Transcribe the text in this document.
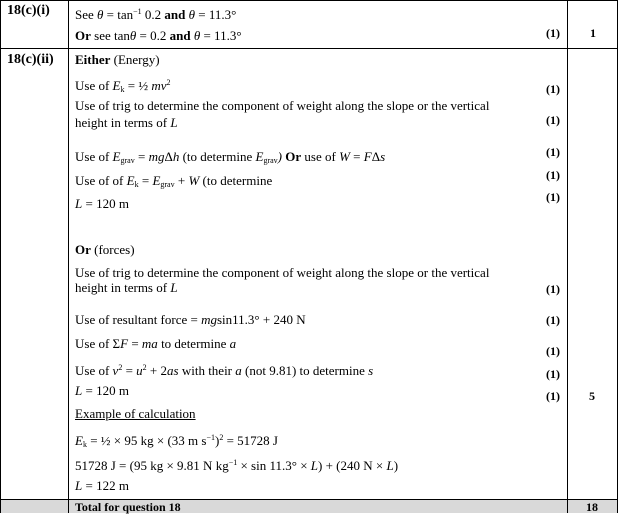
18(c)(i) See $\theta = \tan^{-1} 0.2$ and θ = 11.3°
Or see tanθ = 0.2 and θ = 11.3°	(1)	1
18(c)(ii) Either (Energy)
Use of $E_k$ = ½ $mv^2$	(1)
Use of trig to determine the component of weight along the slope or the vertical
height in terms of L	(1)
Use of $E_{grav} = mg\Delta h$ (to determine $E_{grav}$) Or use of W = FΔs	(1)
Use of of $E_k = E_{grav} + W$ (to determine	(1)
L = 120 m	(1)
Or (forces)
Use of trig to determine the component of weight along the slope or the vertical
height in terms of L	(1)
Use of resultant force = mgsin11.3° + 240 N	(1)
Use of ΣF = ma to determine a	(1)
Use of $v^2 = u^2 + 2as$ with their a (not 9.81) to determine s	(1)
L = 120 m	(1) 5
Example of calculation
$E_k$ = ½ × 95 kg × (33 m $s^{-1})^2 = 51728$ J
51728 J = (95 kg × 9.81 N $kg^{-1} \times \sin 11.3^\circ \times L) + (240$ N × L)
L = 122 m
Total for question 18	18
